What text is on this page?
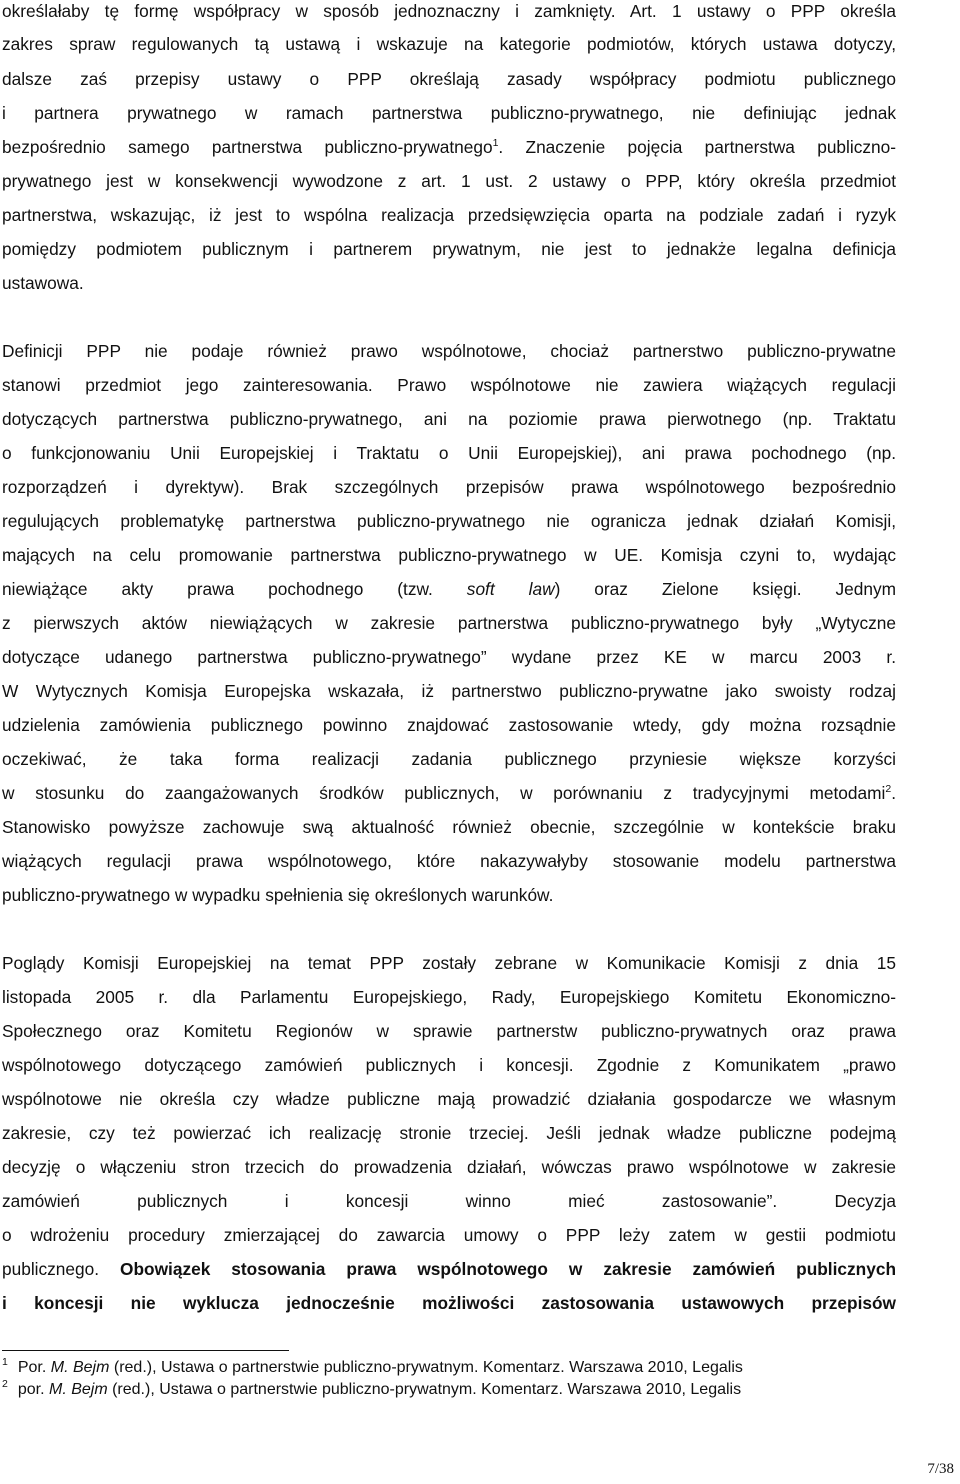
określałaby tę formę współpracy w sposób jednoznaczny i zamknięty. Art. 1 ustawy o PPP określa

zakres spraw regulowanych tą ustawą i wskazuje na kategorie podmiotów, których ustawa dotyczy,

dalsze zaś przepisy ustawy o PPP określają zasady współpracy podmiotu publicznego

i partnera prywatnego w ramach partnerstwa publiczno-prywatnego, nie definiując jednak

bezpośrednio samego partnerstwa publiczno-prywatnego$^1$. Znaczenie pojęcia partnerstwa publiczno-

prywatnego jest w konsekwencji wywodzone z art. 1 ust. 2 ustawy o PPP, który określa przedmiot

partnerstwa, wskazując, iż jest to wspólna realizacja przedsięwzięcia oparta na podziale zadań i ryzyk

pomiędzy podmiotem publicznym i partnerem prywatnym, nie jest to jednakże legalna definicja

ustawowa.

Definicji PPP nie podaje również prawo wspólnotowe, chociaż partnerstwo publiczno-prywatne

stanowi przedmiot jego zainteresowania. Prawo wspólnotowe nie zawiera wiążących regulacji

dotyczących partnerstwa publiczno-prywatnego, ani na poziomie prawa pierwotnego (np. Traktatu

o funkcjonowaniu Unii Europejskiej i Traktatu o Unii Europejskiej), ani prawa pochodnego (np.

rozporządzeń i dyrektyw). Brak szczególnych przepisów prawa wspólnotowego bezpośrednio

regulujących problematykę partnerstwa publiczno-prywatnego nie ogranicza jednak działań Komisji,

mających na celu promowanie partnerstwa publiczno-prywatnego w UE. Komisja czyni to, wydając

niewiążące akty prawa pochodnego (tzw. soft law) oraz Zielone księgi. Jednym

z pierwszych aktów niewiążących w zakresie partnerstwa publiczno-prywatnego były „Wytyczne

dotyczące udanego partnerstwa publiczno-prywatnego” wydane przez KE w marcu 2003 r.

W Wytycznych Komisja Europejska wskazała, iż partnerstwo publiczno-prywatne jako swoisty rodzaj

udzielenia zamówienia publicznego powinno znajdować zastosowanie wtedy, gdy można rozsądnie

oczekiwać, że taka forma realizacji zadania publicznego przyniesie większe korzyści

w stosunku do zaangażowanych środków publicznych, w porównaniu z tradycyjnymi metodami$^2$.

Stanowisko powyższe zachowuje swą aktualność również obecnie, szczególnie w kontekście braku

wiążących regulacji prawa wspólnotowego, które nakazywałyby stosowanie modelu partnerstwa

publiczno-prywatnego w wypadku spełnienia się określonych warunków.

Poglądy Komisji Europejskiej na temat PPP zostały zebrane w Komunikacie Komisji z dnia 15

listopada 2005 r. dla Parlamentu Europejskiego, Rady, Europejskiego Komitetu Ekonomiczno-

Społecznego oraz Komitetu Regionów w sprawie partnerstw publiczno-prywatnych oraz prawa

wspólnotowego dotyczącego zamówień publicznych i koncesji. Zgodnie z Komunikatem „prawo

wspólnotowe nie określa czy władze publiczne mają prowadzić działania gospodarcze we własnym

zakresie, czy też powierzać ich realizację stronie trzeciej. Jeśli jednak władze publiczne podejmą

decyzję o włączeniu stron trzecich do prowadzenia działań, wówczas prawo wspólnotowe w zakresie

zamówień publicznych i koncesji winno mieć zastosowanie”. Decyzja

o wdrożeniu procedury zmierzającej do zawarcia umowy o PPP leży zatem w gestii podmiotu

publicznego. Obowiązek stosowania prawa wspólnotowego w zakresie zamówień publicznych

i koncesji nie wyklucza jednocześnie możliwości zastosowania ustawowych przepisów

$^1$ Por. M. Bejm (red.), Ustawa o partnerstwie publiczno-prywatnym. Komentarz. Warszawa 2010, Legalis

$^2$ por. M. Bejm (red.), Ustawa o partnerstwie publiczno-prywatnym. Komentarz. Warszawa 2010, Legalis

7/38
